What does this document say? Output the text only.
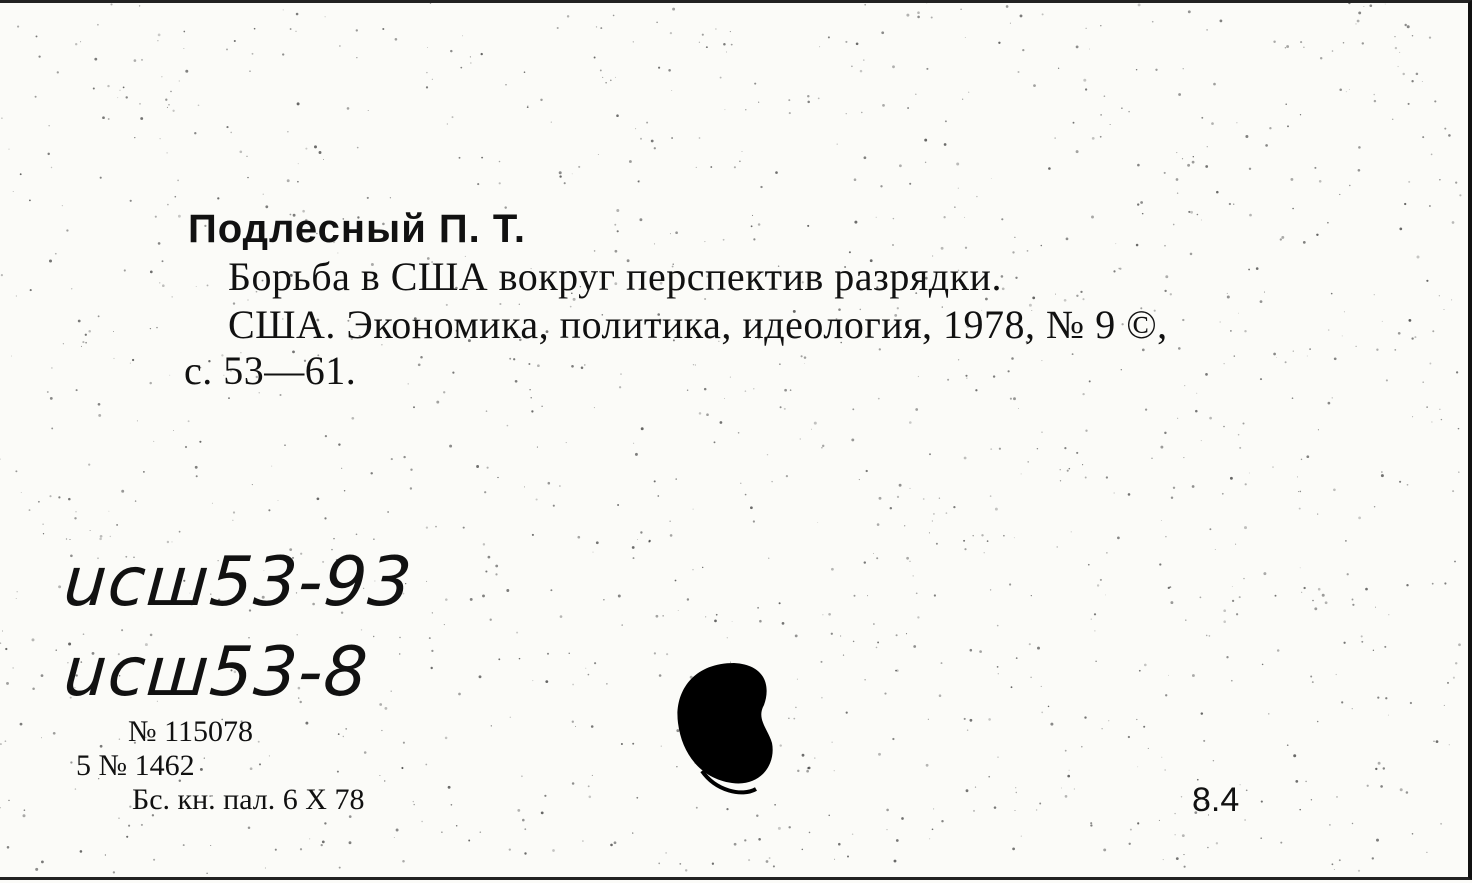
Подлесный П. Т.
Борьба в США вокруг перспектив разрядки.
США. Экономика, политика, идеология, 1978, № 9 ©,
с. 53—61.
uсш53-93
uсш53-8
№ 115078
5 № 1462
Бс. кн. пал. 6 X 78	8.4
